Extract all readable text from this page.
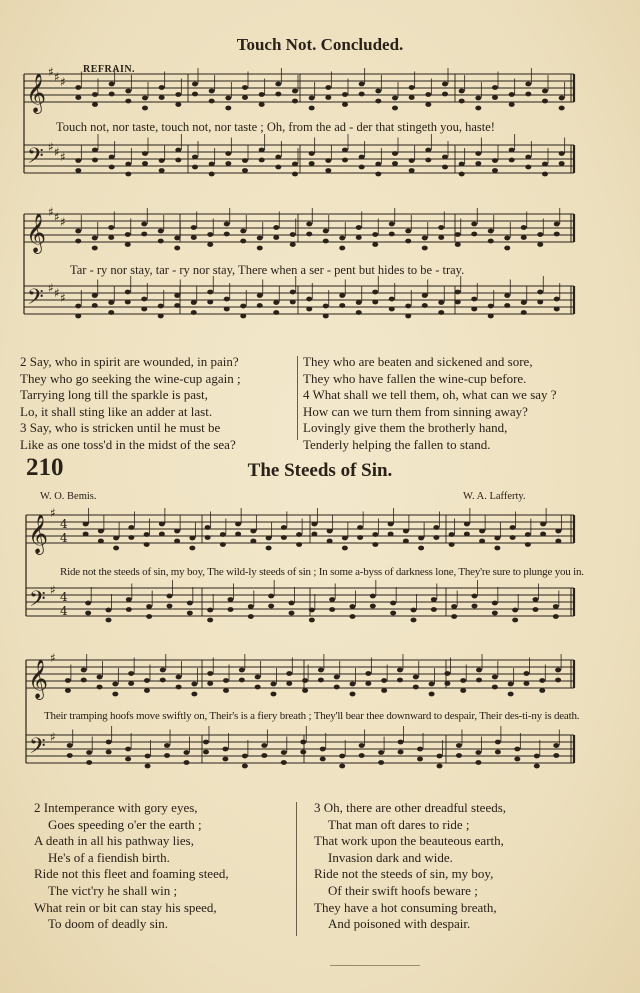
Touch Not. Concluded.
REFRAIN.
𝄞
𝄢
♯ ♯ ♯
♯ ♯ ♯
𝄞
𝄢
♯ ♯ ♯
♯ ♯ ♯
𝄞
𝄢
♯
♯
4
4
4
4
𝄞
𝄢
♯
♯
Touch not, nor taste, touch not, nor taste ; Oh, from the ad - der that stingeth you, haste!
Tar - ry nor stay, tar - ry nor stay, There when a ser - pent but hides to be - tray.
2 Say, who in spirit are wounded, in pain?
They who go seeking the wine-cup again ;
Tarrying long till the sparkle is past,
Lo, it shall sting like an adder at last.
3 Say, who is stricken until he must be
Like as one toss'd in the midst of the sea?
They who are beaten and sickened and sore,
They who have fallen the wine-cup before.
4 What shall we tell them, oh, what can we say ?
How can we turn them from sinning away?
Lovingly give them the brotherly hand,
Tenderly helping the fallen to stand.
210	The Steeds of Sin.
W. O. Bemis.	W. A. Lafferty.
Ride not the steeds of sin, my boy, The wild-ly steeds of sin ; In some a-byss of darkness lone, They're sure to plunge you in.
Their tramping hoofs move swiftly on, Their's is a fiery breath ; They'll bear thee downward to despair, Their des-ti-ny is death.
2 Intemperance with gory eyes,
Goes speeding o'er the earth ;
A death in all his pathway lies,
He's of a fiendish birth.
Ride not this fleet and foaming steed,
The vict'ry he shall win ;
What rein or bit can stay his speed,
To doom of deadly sin.
3 Oh, there are other dreadful steeds,
That man oft dares to ride ;
That work upon the beauteous earth,
Invasion dark and wide.
Ride not the steeds of sin, my boy,
Of their swift hoofs beware ;
They have a hot consuming breath,
And poisoned with despair.
